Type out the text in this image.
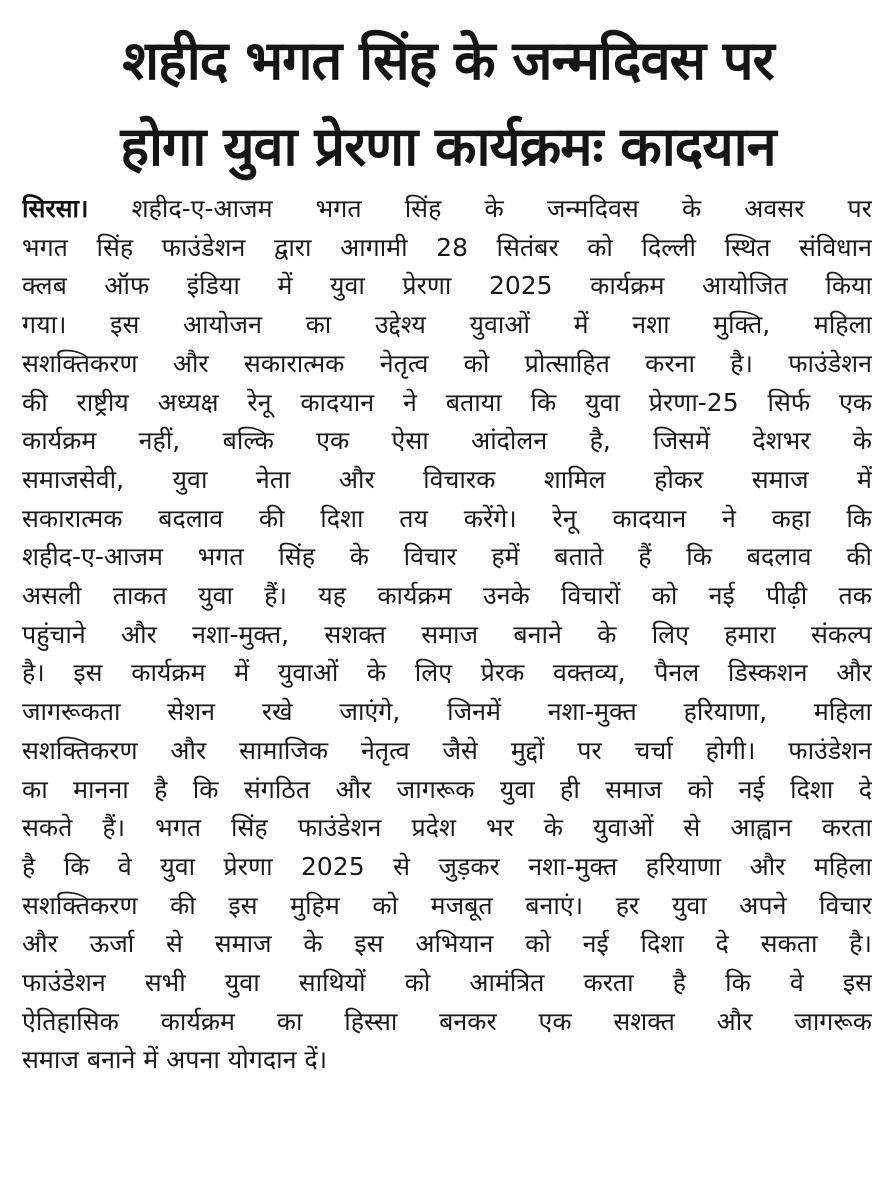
शहीद भगत सिंह के जन्मदिवस पर
होगा युवा प्रेरणा कार्यक्रमः कादयान
सिरसा। शहीद-ए-आजम भगत सिंह के जन्मदिवस के अवसर पर
भगत सिंह फाउंडेशन द्वारा आगामी 28 सितंबर को दिल्ली स्थित संविधान
क्लब ऑफ इंडिया में युवा प्रेरणा 2025 कार्यक्रम आयोजित किया
गया। इस आयोजन का उद्देश्य युवाओं में नशा मुक्ति, महिला
सशक्तिकरण और सकारात्मक नेतृत्व को प्रोत्साहित करना है। फाउंडेशन
की राष्ट्रीय अध्यक्ष रेनू कादयान ने बताया कि युवा प्रेरणा-25 सिर्फ एक
कार्यक्रम नहीं, बल्कि एक ऐसा आंदोलन है, जिसमें देशभर के
समाजसेवी, युवा नेता और विचारक शामिल होकर समाज में
सकारात्मक बदलाव की दिशा तय करेंगे। रेनू कादयान ने कहा कि
शहीद-ए-आजम भगत सिंह के विचार हमें बताते हैं कि बदलाव की
असली ताकत युवा हैं। यह कार्यक्रम उनके विचारों को नई पीढ़ी तक
पहुंचाने और नशा-मुक्त, सशक्त समाज बनाने के लिए हमारा संकल्प
है। इस कार्यक्रम में युवाओं के लिए प्रेरक वक्तव्य, पैनल डिस्कशन और
जागरूकता सेशन रखे जाएंगे, जिनमें नशा-मुक्त हरियाणा, महिला
सशक्तिकरण और सामाजिक नेतृत्व जैसे मुद्दों पर चर्चा होगी। फाउंडेशन
का मानना है कि संगठित और जागरूक युवा ही समाज को नई दिशा दे
सकते हैं। भगत सिंह फाउंडेशन प्रदेश भर के युवाओं से आह्वान करता
है कि वे युवा प्रेरणा 2025 से जुड़कर नशा-मुक्त हरियाणा और महिला
सशक्तिकरण की इस मुहिम को मजबूत बनाएं। हर युवा अपने विचार
और ऊर्जा से समाज के इस अभियान को नई दिशा दे सकता है।
फाउंडेशन सभी युवा साथियों को आमंत्रित करता है कि वे इस
ऐतिहासिक कार्यक्रम का हिस्सा बनकर एक सशक्त और जागरूक
समाज बनाने में अपना योगदान दें।
